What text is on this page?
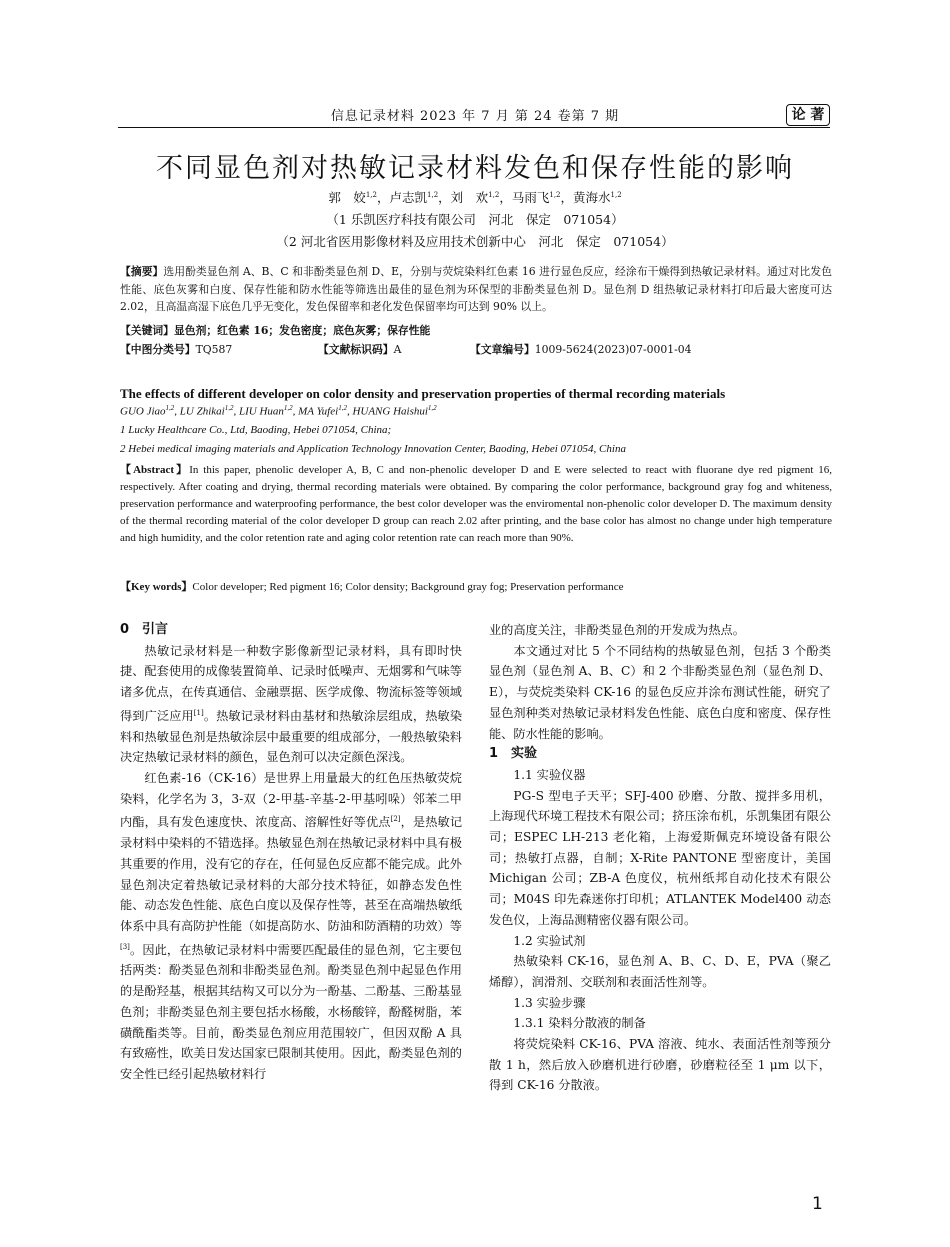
信息记录材料 2023 年 7 月 第 24 卷第 7 期	论 著
不同显色剂对热敏记录材料发色和保存性能的影响
郭　姣$^{1,2}$，卢志凯$^{1,2}$，刘　欢$^{1,2}$，马雨飞$^{1,2}$，黄海水$^{1,2}$
（1 乐凯医疗科技有限公司　河北　保定　071054）
（2 河北省医用影像材料及应用技术创新中心　河北　保定　071054）
【摘要】选用酚类显色剂 A、B、C 和非酚类显色剂 D、E，分别与荧烷染料红色素 16 进行显色反应，经涂布干燥得到热敏记录材料。通过对比发色性能、底色灰雾和白度、保存性能和防水性能等筛选出最佳的显色剂为环保型的非酚类显色剂 D。显色剂 D 组热敏记录材料打印后最大密度可达 2.02，且高温高湿下底色几乎无变化，发色保留率和老化发色保留率均可达到 90% 以上。
【关键词】显色剂；红色素 16；发色密度；底色灰雾；保存性能
【中图分类号】TQ587	【文献标识码】A	【文章编号】1009-5624(2023)07-0001-04
The effects of different developer on color density and preservation properties of thermal recording materials
GUO Jiao$^{1,2}$, LU Zhikai$^{1,2}$, LIU Huan$^{1,2}$, MA Yufei$^{1,2}$, HUANG Haishui$^{1,2}$
1 Lucky Healthcare Co., Ltd, Baoding, Hebei 071054, China;
2 Hebei medical imaging materials and Application Technology Innovation Center, Baoding, Hebei 071054, China
【Abstract】In this paper, phenolic developer A, B, C and non-phenolic developer D and E were selected to react with fluorane dye red pigment 16, respectively. After coating and drying, thermal recording materials were obtained. By comparing the color performance, background gray fog and whiteness, preservation performance and waterproofing performance, the best color developer was the enviromental non-phenolic color developer D. The maximum density of the thermal recording material of the color developer D group can reach 2.02 after printing, and the base color has almost no change under high temperature and high humidity, and the color retention rate and aging color retention rate can reach more than 90%.
【Key words】Color developer; Red pigment 16; Color density; Background gray fog; Preservation performance
0　引言

热敏记录材料是一种数字影像新型记录材料，具有即时快捷、配套使用的成像装置简单、记录时低噪声、无烟雾和气味等诸多优点，在传真通信、金融票据、医学成像、物流标签等领域得到广泛应用[1]。热敏记录材料由基材和热敏涂层组成，热敏染料和热敏显色剂是热敏涂层中最重要的组成部分，一般热敏染料决定热敏记录材料的颜色，显色剂可以决定颜色深浅。

红色素-16（CK-16）是世界上用量最大的红色压热敏荧烷染料，化学名为 3，3-双（2-甲基-辛基-2-甲基吲哚）邻苯二甲内酯，具有发色速度快、浓度高、溶解性好等优点[2]，是热敏记录材料中染料的不错选择。热敏显色剂在热敏记录材料中具有极其重要的作用，没有它的存在，任何显色反应都不能完成。此外显色剂决定着热敏记录材料的大部分技术特征，如静态发色性能、动态发色性能、底色白度以及保存性等，甚至在高端热敏纸体系中具有高防护性能（如提高防水、防油和防酒精的功效）等[3]。因此，在热敏记录材料中需要匹配最佳的显色剂，它主要包括两类：酚类显色剂和非酚类显色剂。酚类显色剂中起显色作用的是酚羟基，根据其结构又可以分为一酚基、二酚基、三酚基显色剂；非酚类显色剂主要包括水杨酸，水杨酸锌，酚醛树脂，苯磺酰酯类等。目前，酚类显色剂应用范围较广，但因双酚 A 具有致癌性，欧美日发达国家已限制其使用。因此，酚类显色剂的安全性已经引起热敏材料行

业的高度关注，非酚类显色剂的开发成为热点。

本文通过对比 5 个不同结构的热敏显色剂，包括 3 个酚类显色剂（显色剂 A、B、C）和 2 个非酚类显色剂（显色剂 D、E），与荧烷类染料 CK-16 的显色反应并涂布测试性能，研究了显色剂种类对热敏记录材料发色性能、底色白度和密度、保存性能、防水性能的影响。

1　实验

1.1 实验仪器

PG-S 型电子天平；SFJ-400 砂磨、分散、搅拌多用机，上海现代环境工程技术有限公司；挤压涂布机，乐凯集团有限公司；ESPEC LH-213 老化箱，上海爱斯佩克环境设备有限公司；热敏打点器，自制；X-Rite PANTONE 型密度计，美国 Michigan 公司；ZB-A 色度仪，杭州纸邦自动化技术有限公司；M04S 印先森迷你打印机；ATLANTEK Model400 动态发色仪，上海品测精密仪器有限公司。

1.2 实验试剂

热敏染料 CK-16，显色剂 A、B、C、D、E，PVA（聚乙烯醇），润滑剂、交联剂和表面活性剂等。

1.3 实验步骤

1.3.1 染料分散液的制备

将荧烷染料 CK-16、PVA 溶液、纯水、表面活性剂等预分散 1 h，然后放入砂磨机进行砂磨，砂磨粒径至 1 μm 以下，得到 CK-16 分散液。

1
